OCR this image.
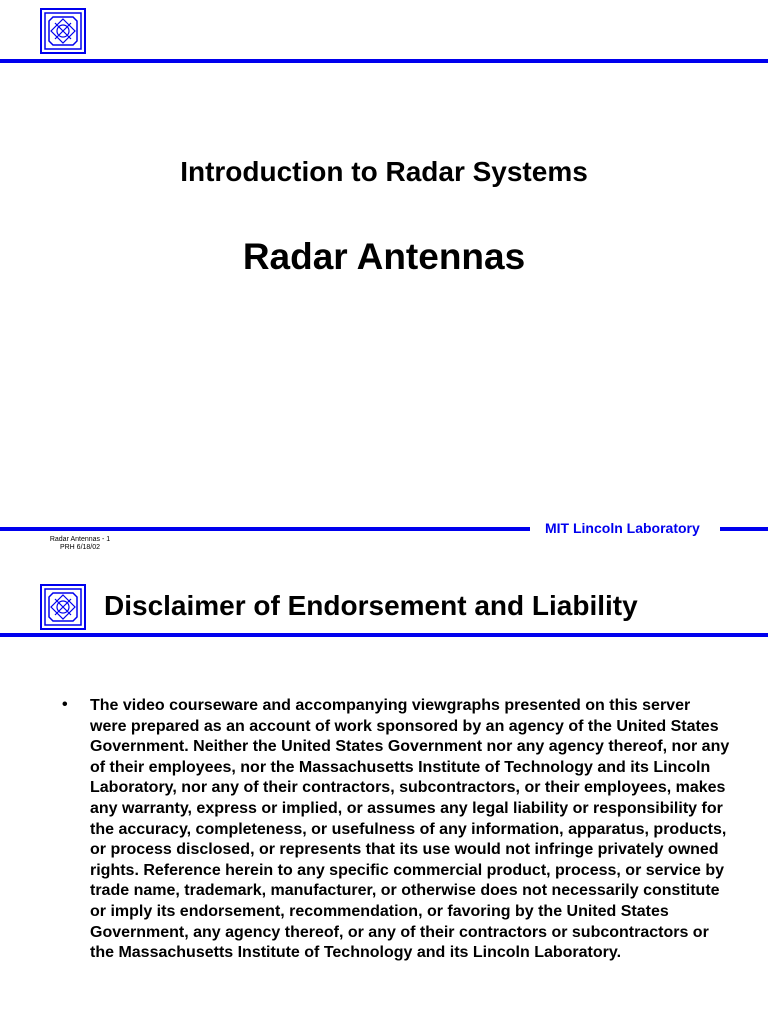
Introduction to Radar Systems
Radar Antennas
MIT Lincoln Laboratory
Radar Antennas - 1
PRH 6/18/02
Disclaimer of Endorsement and Liability
• The video courseware and accompanying viewgraphs presented on this server were prepared as an account of work sponsored by an agency of the United States Government. Neither the United States Government nor any agency thereof, nor any of their employees, nor the Massachusetts Institute of Technology and its Lincoln Laboratory, nor any of their contractors, subcontractors, or their employees, makes any warranty, express or implied, or assumes any legal liability or responsibility for the accuracy, completeness, or usefulness of any information, apparatus, products, or process disclosed, or represents that its use would not infringe privately owned rights. Reference herein to any specific commercial product, process, or service by trade name, trademark, manufacturer, or otherwise does not necessarily constitute or imply its endorsement, recommendation, or favoring by the United States Government, any agency thereof, or any of their contractors or subcontractors or the Massachusetts Institute of Technology and its Lincoln Laboratory.
